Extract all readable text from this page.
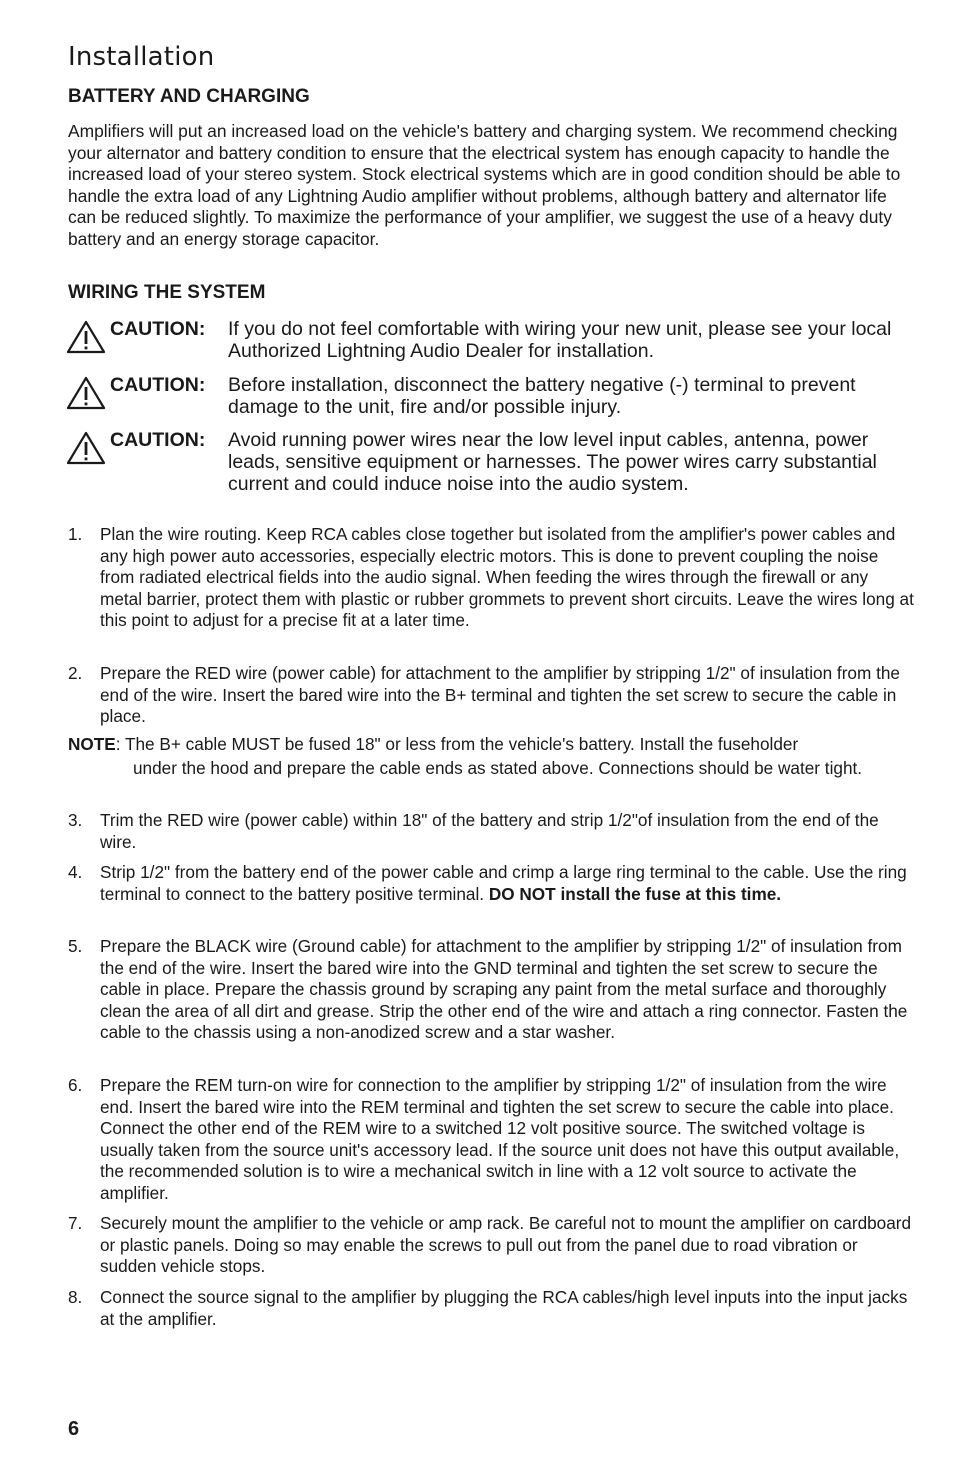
Installation
BATTERY AND CHARGING

Amplifiers will put an increased load on the vehicle's battery and charging system. We recommend checking your alternator and battery condition to ensure that the electrical system has enough capacity to handle the increased load of your stereo system. Stock electrical systems which are in good condition should be able to handle the extra load of any Lightning Audio amplifier without problems, although battery and alternator life can be reduced slightly. To maximize the performance of your amplifier, we suggest the use of a heavy duty battery and an energy storage capacitor.

WIRING THE SYSTEM
CAUTION:	If you do not feel comfortable with wiring your new unit, please see your local Authorized Lightning Audio Dealer for installation.
CAUTION:	Before installation, disconnect the battery negative (-) terminal to prevent damage to the unit, fire and/or possible injury.
CAUTION:	Avoid running power wires near the low level input cables, antenna, power leads, sensitive equipment or harnesses. The power wires carry substantial current and could induce noise into the audio system.
1.	Plan the wire routing. Keep RCA cables close together but isolated from the amplifier's power cables and any high power auto accessories, especially electric motors. This is done to prevent coupling the noise from radiated electrical fields into the audio signal. When feeding the wires through the firewall or any metal barrier, protect them with plastic or rubber grommets to prevent short circuits. Leave the wires long at this point to adjust for a precise fit at a later time.
2.	Prepare the RED wire (power cable) for attachment to the amplifier by stripping 1/2" of insulation from the end of the wire. Insert the bared wire into the B+ terminal and tighten the set screw to secure the cable in place.
NOTE: The B+ cable MUST be fused 18" or less from the vehicle's battery. Install the fuseholder
under the hood and prepare the cable ends as stated above. Connections should be water tight.
3.	Trim the RED wire (power cable) within 18" of the battery and strip 1/2"of insulation from the end of the wire.
4.	Strip 1/2" from the battery end of the power cable and crimp a large ring terminal to the cable. Use the ring terminal to connect to the battery positive terminal. DO NOT install the fuse at this time.
5.	Prepare the BLACK wire (Ground cable) for attachment to the amplifier by stripping 1/2" of insulation from the end of the wire. Insert the bared wire into the GND terminal and tighten the set screw to secure the cable in place. Prepare the chassis ground by scraping any paint from the metal surface and thoroughly clean the area of all dirt and grease. Strip the other end of the wire and attach a ring connector. Fasten the cable to the chassis using a non-anodized screw and a star washer.
6.	Prepare the REM turn-on wire for connection to the amplifier by stripping 1/2" of insulation from the wire end. Insert the bared wire into the REM terminal and tighten the set screw to secure the cable into place. Connect the other end of the REM wire to a switched 12 volt positive source. The switched voltage is usually taken from the source unit's accessory lead. If the source unit does not have this output available, the recommended solution is to wire a mechanical switch in line with a 12 volt source to activate the amplifier.
7.	Securely mount the amplifier to the vehicle or amp rack. Be careful not to mount the amplifier on cardboard or plastic panels. Doing so may enable the screws to pull out from the panel due to road vibration or sudden vehicle stops.
8.	Connect the source signal to the amplifier by plugging the RCA cables/high level inputs into the input jacks at the amplifier.

6
